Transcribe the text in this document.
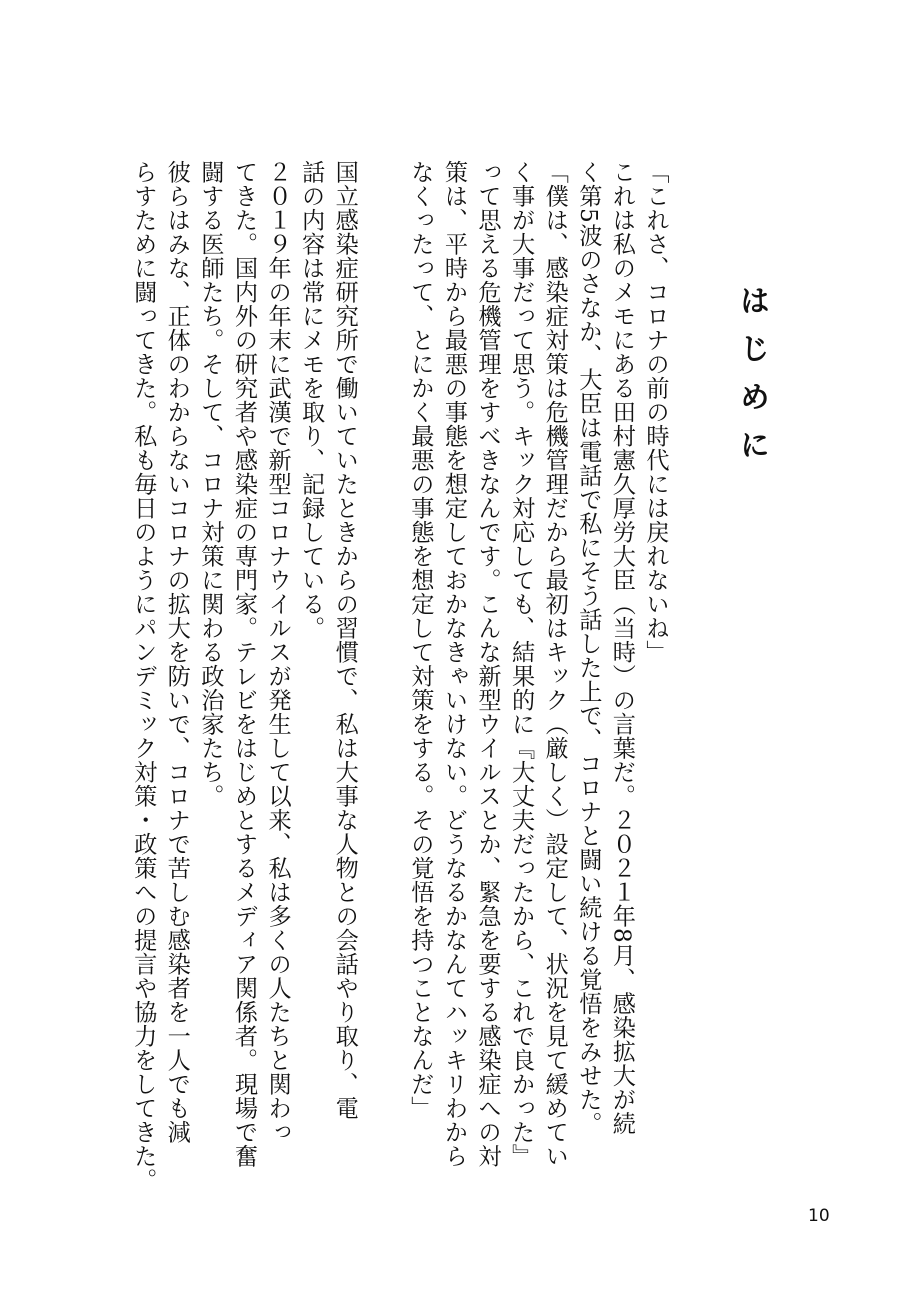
はじめに

「これさ、コロナの前の時代には戻れないね」

これは私のメモにある田村憲久厚労大臣（当時）の言葉だ。２０２１年8月、感染拡大が続

く第5波のさなか、大臣は電話で私にそう話した上で、コロナと闘い続ける覚悟をみせた。

「僕は、感染症対策は危機管理だから最初はキック（厳しく）設定して、状況を見て緩めてい

く事が大事だって思う。キック対応しても、結果的に『大丈夫だったから、これで良かった』

って思える危機管理をすべきなんです。こんな新型ウイルスとか、緊急を要する感染症への対

策は、平時から最悪の事態を想定しておかなきゃいけない。どうなるかなんてハッキリわから

なくったって、とにかく最悪の事態を想定して対策をする。その覚悟を持つことなんだ」

国立感染症研究所で働いていたときからの習慣で、私は大事な人物との会話やり取り、電

話の内容は常にメモを取り、記録している。

２０１９年の年末に武漢で新型コロナウイルスが発生して以来、私は多くの人たちと関わっ

てきた。国内外の研究者や感染症の専門家。テレビをはじめとするメディア関係者。現場で奮

闘する医師たち。そして、コロナ対策に関わる政治家たち。

彼らはみな、正体のわからないコロナの拡大を防いで、コロナで苦しむ感染者を一人でも減

らすために闘ってきた。私も毎日のようにパンデミック対策・政策への提言や協力をしてきた。

10
